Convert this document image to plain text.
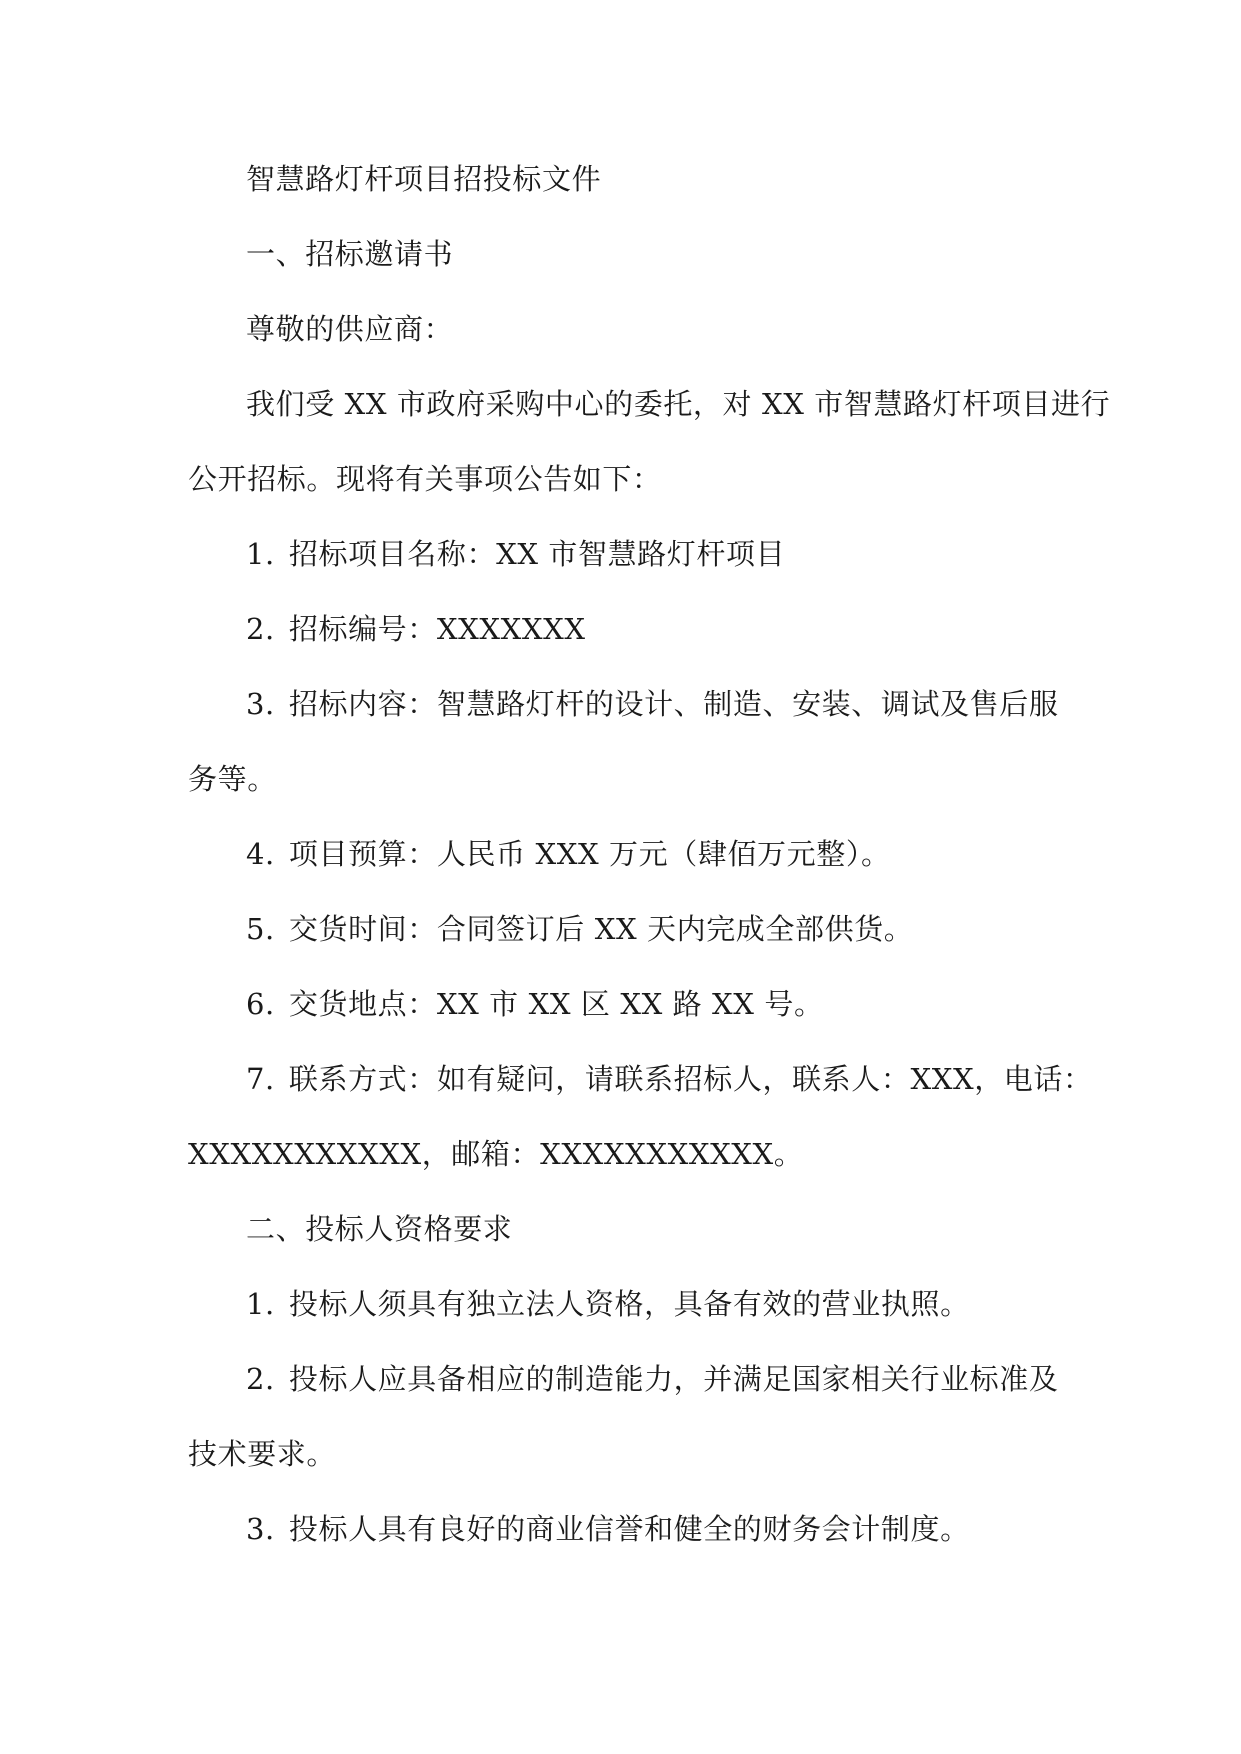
智慧路灯杆项目招投标文件

一、招标邀请书

尊敬的供应商：

我们受 XX 市政府采购中心的委托，对 XX 市智慧路灯杆项目进行

公开招标。现将有关事项公告如下：

1. 招标项目名称：XX 市智慧路灯杆项目

2. 招标编号：XXXXXXX

3. 招标内容：智慧路灯杆的设计、制造、安装、调试及售后服

务等。

4. 项目预算：人民币 XXX 万元（肆佰万元整）。

5. 交货时间：合同签订后 XX 天内完成全部供货。

6. 交货地点：XX 市 XX 区 XX 路 XX 号。

7. 联系方式：如有疑问，请联系招标人，联系人：XXX，电话：

XXXXXXXXXXX，邮箱：XXXXXXXXXXX。

二、投标人资格要求

1. 投标人须具有独立法人资格，具备有效的营业执照。

2. 投标人应具备相应的制造能力，并满足国家相关行业标准及

技术要求。

3. 投标人具有良好的商业信誉和健全的财务会计制度。
